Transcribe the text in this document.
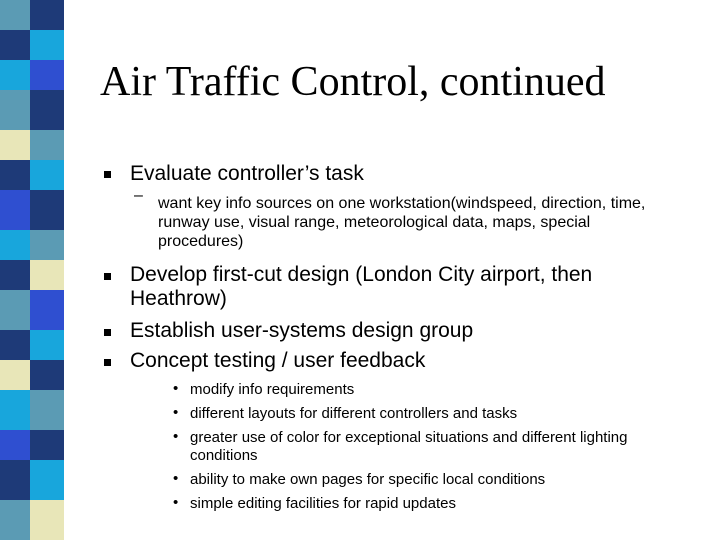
Air Traffic Control, continued
Evaluate controller’s task
– want key info sources on one workstation(windspeed, direction, time, runway use, visual range, meteorological data, maps, special procedures)
Develop first-cut design (London City airport, then Heathrow)
Establish user-systems design group
Concept testing / user feedback
• modify info requirements
• different layouts for different controllers and tasks
• greater use of color for exceptional situations and different lighting conditions
• ability to make own pages for specific local conditions
• simple editing facilities for rapid updates
